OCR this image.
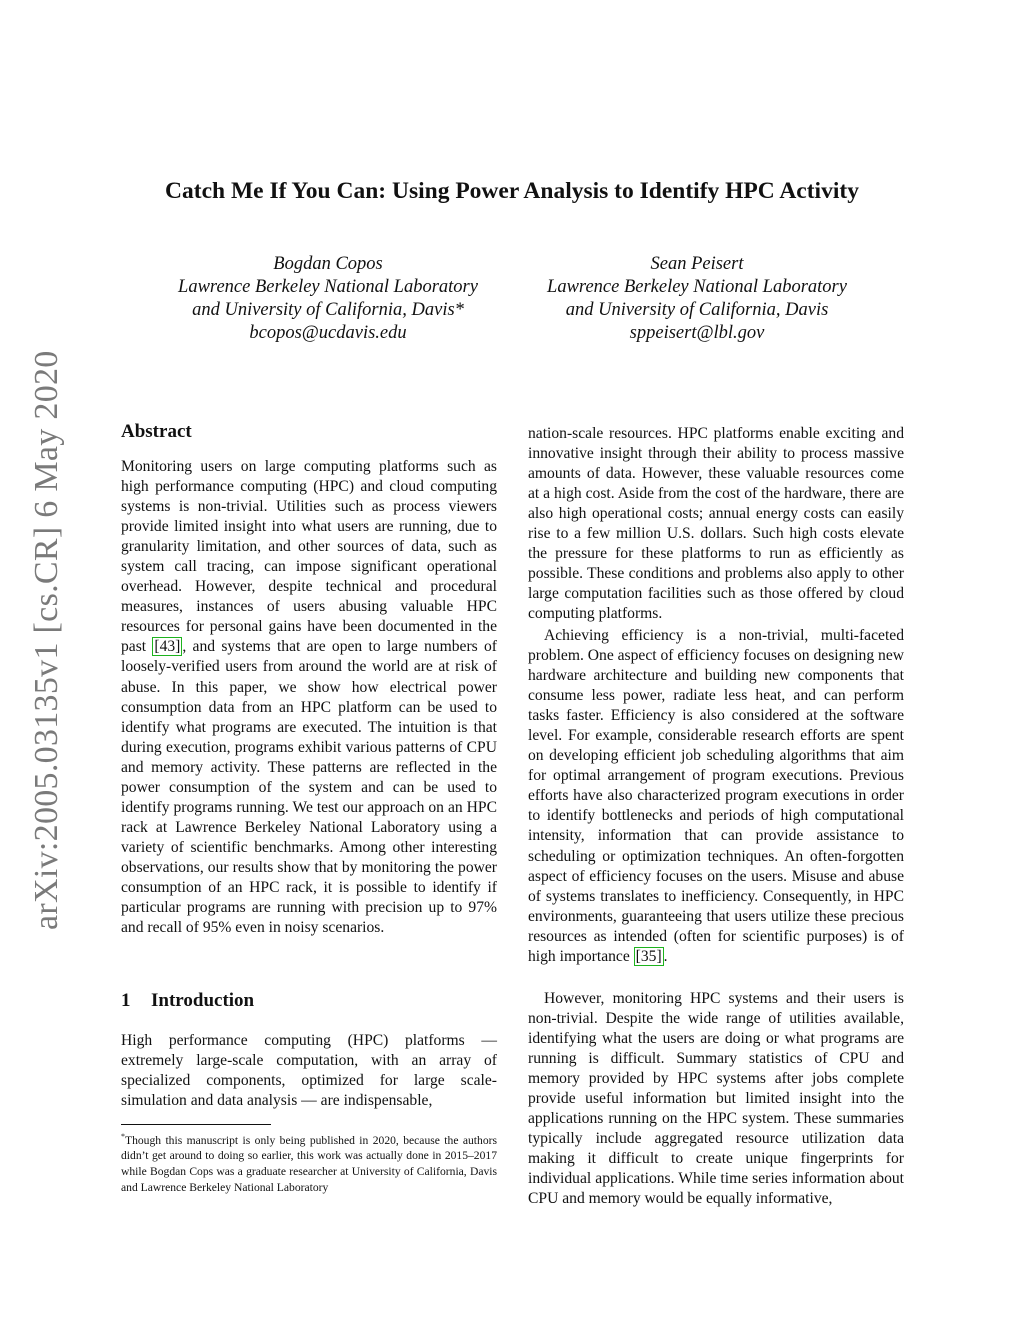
arXiv:2005.03135v1 [cs.CR] 6 May 2020
Catch Me If You Can: Using Power Analysis to Identify HPC Activity
Bogdan Copos
Lawrence Berkeley National Laboratory
and University of California, Davis*
bcopos@ucdavis.edu
Sean Peisert
Lawrence Berkeley National Laboratory
and University of California, Davis
sppeisert@lbl.gov
Abstract

Monitoring users on large computing platforms such as high performance computing (HPC) and cloud computing systems is non-trivial. Utilities such as process viewers provide limited insight into what users are running, due to granularity limitation, and other sources of data, such as system call tracing, can impose significant operational overhead. However, despite technical and procedural measures, instances of users abusing valuable HPC resources for personal gains have been documented in the past [43] , and systems that are open to large numbers of loosely-verified users from around the world are at risk of abuse. In this paper, we show how electrical power consumption data from an HPC platform can be used to identify what programs are executed. The intuition is that during execution, programs exhibit various patterns of CPU and memory activity. These patterns are reflected in the power consumption of the system and can be used to identify programs running. We test our approach on an HPC rack at Lawrence Berkeley National Laboratory using a variety of scientific benchmarks. Among other interesting observations, our results show that by monitoring the power consumption of an HPC rack, it is possible to identify if particular programs are running with precision up to 97% and recall of 95% even in noisy scenarios.

1 Introduction

High performance computing (HPC) platforms — extremely large-scale computation, with an array of specialized components, optimized for large scale-simulation and data analysis — are indispensable,

*Though this manuscript is only being published in 2020, because the authors didn’t get around to doing so earlier, this work was actually done in 2015–2017 while Bogdan Cops was a graduate researcher at University of California, Davis and Lawrence Berkeley National Laboratory

nation-scale resources. HPC platforms enable exciting and innovative insight through their ability to process massive amounts of data. However, these valuable resources come at a high cost. Aside from the cost of the hardware, there are also high operational costs; annual energy costs can easily rise to a few million U.S. dollars. Such high costs elevate the pressure for these platforms to run as efficiently as possible. These conditions and problems also apply to other large computation facilities such as those offered by cloud computing platforms.

Achieving efficiency is a non-trivial, multi-faceted problem. One aspect of efficiency focuses on designing new hardware architecture and building new components that consume less power, radiate less heat, and can perform tasks faster. Efficiency is also considered at the software level. For example, considerable research efforts are spent on developing efficient job scheduling algorithms that aim for optimal arrangement of program executions. Previous efforts have also characterized program executions in order to identify bottlenecks and periods of high computational intensity, information that can provide assistance to scheduling or optimization techniques. An often-forgotten aspect of efficiency focuses on the users. Misuse and abuse of systems translates to inefficiency. Consequently, in HPC environments, guaranteeing that users utilize these precious resources as intended (often for scientific purposes) is of high importance [35] .

However, monitoring HPC systems and their users is non-trivial. Despite the wide range of utilities available, identifying what the users are doing or what programs are running is difficult. Summary statistics of CPU and memory provided by HPC systems after jobs complete provide useful information but limited insight into the applications running on the HPC system. These summaries typically include aggregated resource utilization data making it difficult to create unique fingerprints for individual applications. While time series information about CPU and memory would be equally informative,
